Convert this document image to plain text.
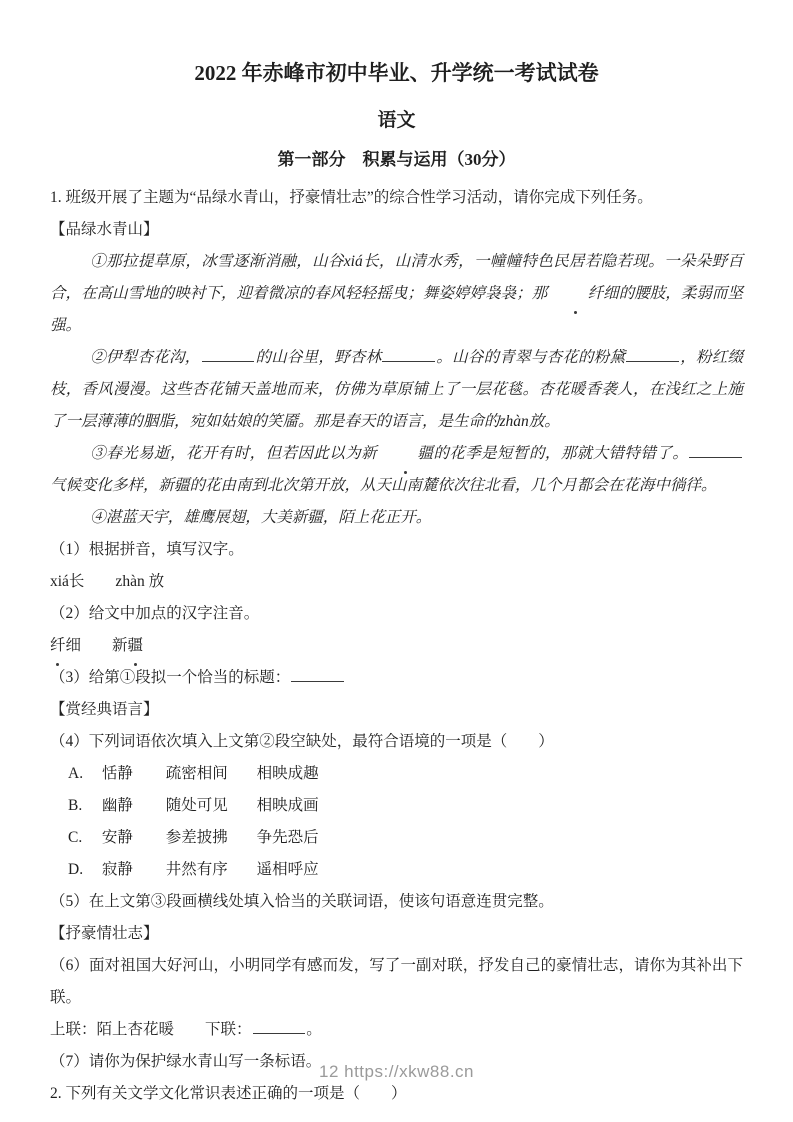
2022 年赤峰市初中毕业、升学统一考试试卷
语文
第一部分　积累与运用（30分）

1. 班级开展了主题为“品绿水青山，抒豪情壮志”的综合性学习活动，请你完成下列任务。

【品绿水青山】

①那拉提草原，冰雪逐渐消融，山谷xiá长，山清水秀，一幢幢特色民居若隐若现。一朵朵野百合，在高山雪地的映衬下，迎着微凉的春风轻轻摇曳；舞姿婷婷袅袅；那	纤细的腰肢，柔弱而坚强。

②伊犁杏花沟，	的山谷里，野杏林	。山谷的青翠与杏花的粉黛	，粉红缀枝，香风漫漫。这些杏花铺天盖地而来，仿佛为草原铺上了一层花毯。杏花暖香袭人，在浅红之上施了一层薄薄的胭脂，宛如姑娘的笑靥。那是春天的语言，是生命的zhàn放。

③春光易逝，花开有时，但若因此以为新	疆的花季是短暂的，那就大错特错了。气候变化多样，新疆的花由南到北次第开放，从天山南麓依次往北看，几个月都会在花海中徜徉。

④湛蓝天宇，雄鹰展翅，大美新疆，陌上花正开。

（1）根据拼音，填写汉字。

xiá长　　zhàn 放

（2）给文中加点的汉字注音。

纤细　　新疆

（3）给第①段拟一个恰当的标题：

【赏经典语言】

（4）下列词语依次填入上文第②段空缺处，最符合语境的一项是（　　）

A. 恬静 疏密相间 相映成趣

B. 幽静 随处可见 相映成画

C. 安静 参差披拂 争先恐后

D. 寂静 井然有序 遥相呼应

（5）在上文第③段画横线处填入恰当的关联词语，使该句语意连贯完整。

【抒豪情壮志】

（6）面对祖国大好河山，小明同学有感而发，写了一副对联，抒发自己的豪情壮志，请你为其补出下联。

上联：陌上杏花暖　　下联：	。

（7）请你为保护绿水青山写一条标语。

2. 下列有关文学文化常识表述正确的一项是（　　）

12 https://xkw88.cn
